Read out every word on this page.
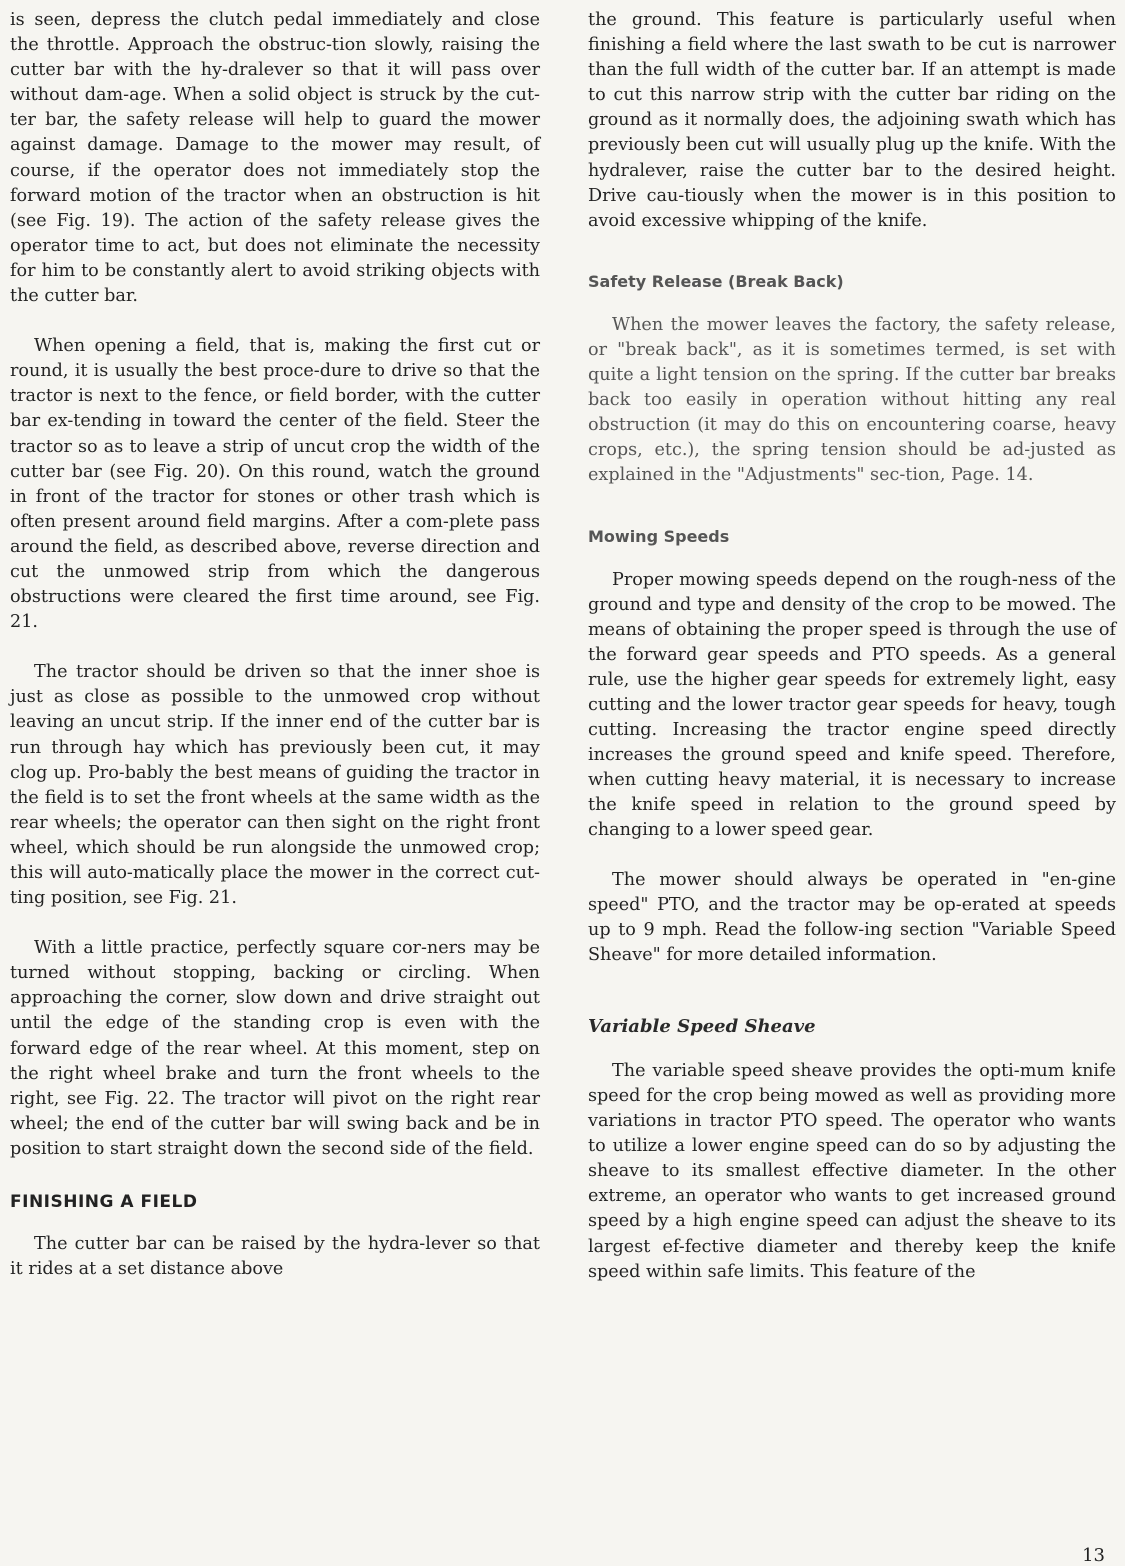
is seen, depress the clutch pedal immediately and close the throttle. Approach the obstruc-tion slowly, raising the cutter bar with the hy-dralever so that it will pass over without dam-age. When a solid object is struck by the cut-ter bar, the safety release will help to guard the mower against damage. Damage to the mower may result, of course, if the operator does not immediately stop the forward motion of the tractor when an obstruction is hit (see Fig. 19). The action of the safety release gives the operator time to act, but does not eliminate the necessity for him to be constantly alert to avoid striking objects with the cutter bar.

When opening a field, that is, making the first cut or round, it is usually the best proce-dure to drive so that the tractor is next to the fence, or field border, with the cutter bar ex-tending in toward the center of the field. Steer the tractor so as to leave a strip of uncut crop the width of the cutter bar (see Fig. 20). On this round, watch the ground in front of the tractor for stones or other trash which is often present around field margins. After a com-plete pass around the field, as described above, reverse direction and cut the unmowed strip from which the dangerous obstructions were cleared the first time around, see Fig. 21.

The tractor should be driven so that the inner shoe is just as close as possible to the unmowed crop without leaving an uncut strip. If the inner end of the cutter bar is run through hay which has previously been cut, it may clog up. Pro-bably the best means of guiding the tractor in the field is to set the front wheels at the same width as the rear wheels; the operator can then sight on the right front wheel, which should be run alongside the unmowed crop; this will auto-matically place the mower in the correct cut-ting position, see Fig. 21.

With a little practice, perfectly square cor-ners may be turned without stopping, backing or circling. When approaching the corner, slow down and drive straight out until the edge of the standing crop is even with the forward edge of the rear wheel. At this moment, step on the right wheel brake and turn the front wheels to the right, see Fig. 22. The tractor will pivot on the right rear wheel; the end of the cutter bar will swing back and be in position to start straight down the second side of the field.

FINISHING A FIELD

The cutter bar can be raised by the hydra-lever so that it rides at a set distance above

the ground. This feature is particularly useful when finishing a field where the last swath to be cut is narrower than the full width of the cutter bar. If an attempt is made to cut this narrow strip with the cutter bar riding on the ground as it normally does, the adjoining swath which has previously been cut will usually plug up the knife. With the hydralever, raise the cutter bar to the desired height. Drive cau-tiously when the mower is in this position to avoid excessive whipping of the knife.

Safety Release (Break Back)

When the mower leaves the factory, the safety release, or "break back", as it is sometimes termed, is set with quite a light tension on the spring. If the cutter bar breaks back too easily in operation without hitting any real obstruction (it may do this on encountering coarse, heavy crops, etc.), the spring tension should be ad-justed as explained in the "Adjustments" sec-tion, Page. 14.

Mowing Speeds

Proper mowing speeds depend on the rough-ness of the ground and type and density of the crop to be mowed. The means of obtaining the proper speed is through the use of the forward gear speeds and PTO speeds. As a general rule, use the higher gear speeds for extremely light, easy cutting and the lower tractor gear speeds for heavy, tough cutting. Increasing the tractor engine speed directly increases the ground speed and knife speed. Therefore, when cutting heavy material, it is necessary to increase the knife speed in relation to the ground speed by changing to a lower speed gear.

The mower should always be operated in "en-gine speed" PTO, and the tractor may be op-erated at speeds up to 9 mph. Read the follow-ing section "Variable Speed Sheave" for more detailed information.

Variable Speed Sheave

The variable speed sheave provides the opti-mum knife speed for the crop being mowed as well as providing more variations in tractor PTO speed. The operator who wants to utilize a lower engine speed can do so by adjusting the sheave to its smallest effective diameter. In the other extreme, an operator who wants to get increased ground speed by a high engine speed can adjust the sheave to its largest ef-fective diameter and thereby keep the knife speed within safe limits. This feature of the

13
